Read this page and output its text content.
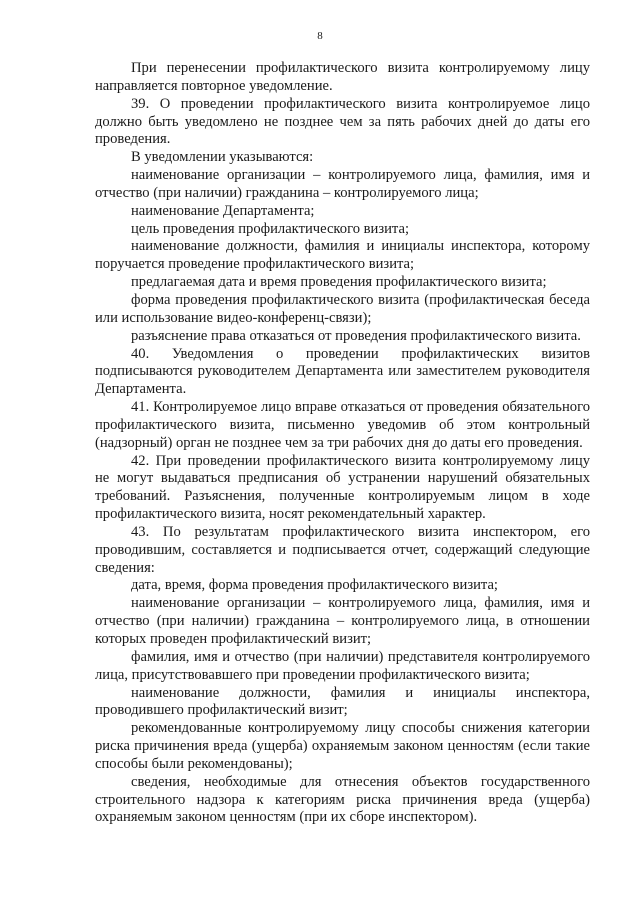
8

При перенесении профилактического визита контролируемому лицу направляется повторное уведомление.

39. О проведении профилактического визита контролируемое лицо должно быть уведомлено не позднее чем за пять рабочих дней до даты его проведения.

В уведомлении указываются:

наименование организации – контролируемого лица, фамилия, имя и отчество (при наличии) гражданина – контролируемого лица;

наименование Департамента;

цель проведения профилактического визита;

наименование должности, фамилия и инициалы инспектора, которому поручается проведение профилактического визита;

предлагаемая дата и время проведения профилактического визита;

форма проведения профилактического визита (профилактическая беседа или использование видео-конференц-связи);

разъяснение права отказаться от проведения профилактического визита.

40. Уведомления о проведении профилактических визитов подписываются руководителем Департамента или заместителем руководителя Департамента.

41. Контролируемое лицо вправе отказаться от проведения обязательного профилактического визита, письменно уведомив об этом контрольный (надзорный) орган не позднее чем за три рабочих дня до даты его проведения.

42. При проведении профилактического визита контролируемому лицу не могут выдаваться предписания об устранении нарушений обязательных требований. Разъяснения, полученные контролируемым лицом в ходе профилактического визита, носят рекомендательный характер.

43. По результатам профилактического визита инспектором, его проводившим, составляется и подписывается отчет, содержащий следующие сведения:

дата, время, форма проведения профилактического визита;

наименование организации – контролируемого лица, фамилия, имя и отчество (при наличии) гражданина – контролируемого лица, в отношении которых проведен профилактический визит;

фамилия, имя и отчество (при наличии) представителя контролируемого лица, присутствовавшего при проведении профилактического визита;

наименование должности, фамилия и инициалы инспектора, проводившего профилактический визит;

рекомендованные контролируемому лицу способы снижения категории риска причинения вреда (ущерба) охраняемым законом ценностям (если такие способы были рекомендованы);

сведения, необходимые для отнесения объектов государственного строительного надзора к категориям риска причинения вреда (ущерба) охраняемым законом ценностям (при их сборе инспектором).
